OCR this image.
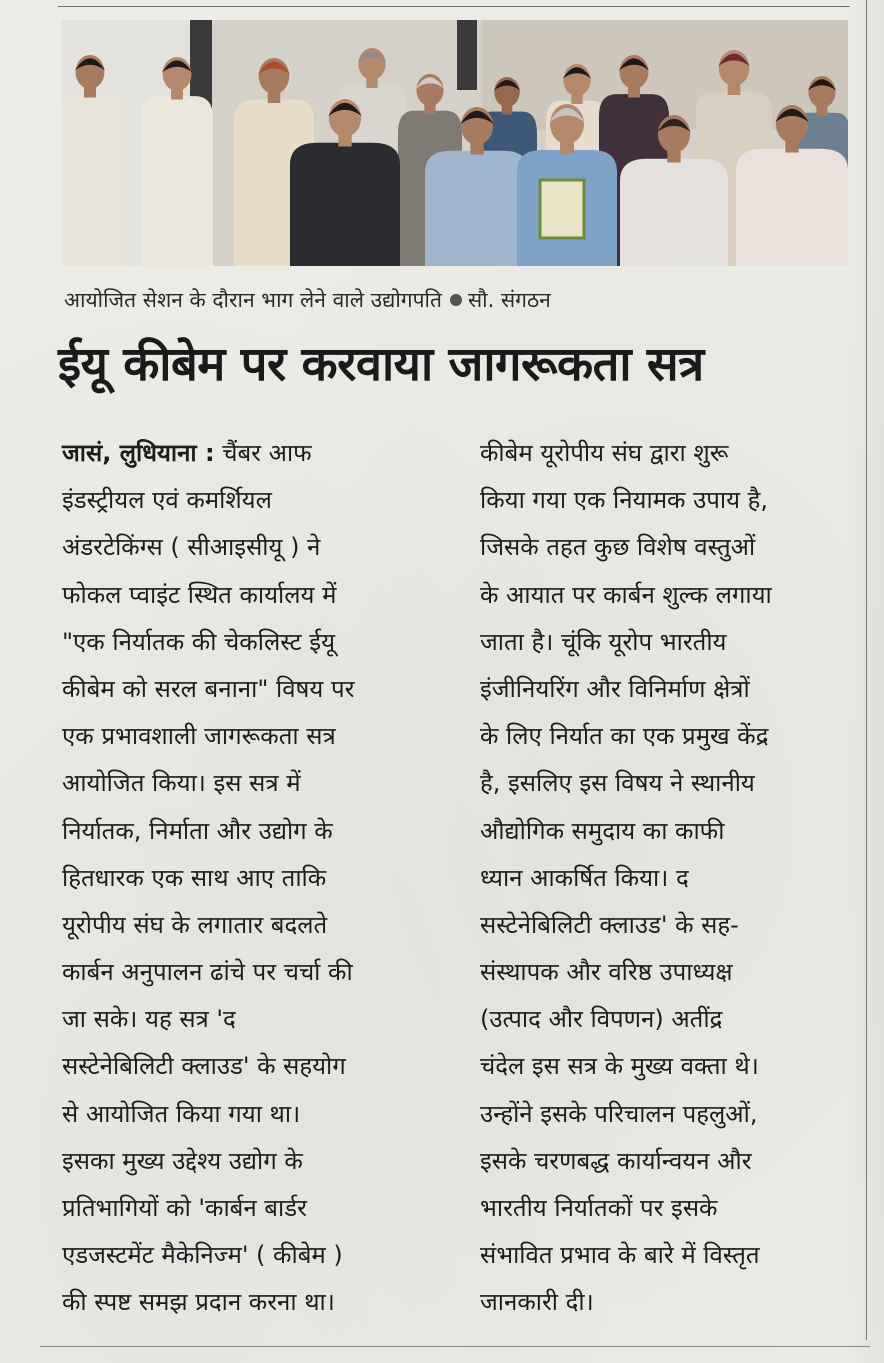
आयोजित सेशन के दौरान भाग लेने वाले उद्योगपति सौ. संगठन
ईयू कीबेम पर करवाया जागरूकता सत्र
जासं, लुधियाना : चैंबर आफ
इंडस्ट्रीयल एवं कमर्शियल
अंडरटेकिंग्स ( सीआइसीयू ) ने
फोकल प्वाइंट स्थित कार्यालय में
"एक निर्यातक की चेकलिस्ट ईयू
कीबेम को सरल बनाना" विषय पर
एक प्रभावशाली जागरूकता सत्र
आयोजित किया। इस सत्र में
निर्यातक, निर्माता और उद्योग के
हितधारक एक साथ आए ताकि
यूरोपीय संघ के लगातार बदलते
कार्बन अनुपालन ढांचे पर चर्चा की
जा सके। यह सत्र 'द
सस्टेनेबिलिटी क्लाउड' के सहयोग
से आयोजित किया गया था।
इसका मुख्य उद्देश्य उद्योग के
प्रतिभागियों को 'कार्बन बार्डर
एडजस्टमेंट मैकेनिज्म' ( कीबेम )
की स्पष्ट समझ प्रदान करना था।
कीबेम यूरोपीय संघ द्वारा शुरू
किया गया एक नियामक उपाय है,
जिसके तहत कुछ विशेष वस्तुओं
के आयात पर कार्बन शुल्क लगाया
जाता है। चूंकि यूरोप भारतीय
इंजीनियरिंग और विनिर्माण क्षेत्रों
के लिए निर्यात का एक प्रमुख केंद्र
है, इसलिए इस विषय ने स्थानीय
औद्योगिक समुदाय का काफी
ध्यान आकर्षित किया। द
सस्टेनेबिलिटी क्लाउड' के सह-
संस्थापक और वरिष्ठ उपाध्यक्ष
(उत्पाद और विपणन) अतींद्र
चंदेल इस सत्र के मुख्य वक्ता थे।
उन्होंने इसके परिचालन पहलुओं,
इसके चरणबद्ध कार्यान्वयन और
भारतीय निर्यातकों पर इसके
संभावित प्रभाव के बारे में विस्तृत
जानकारी दी।
